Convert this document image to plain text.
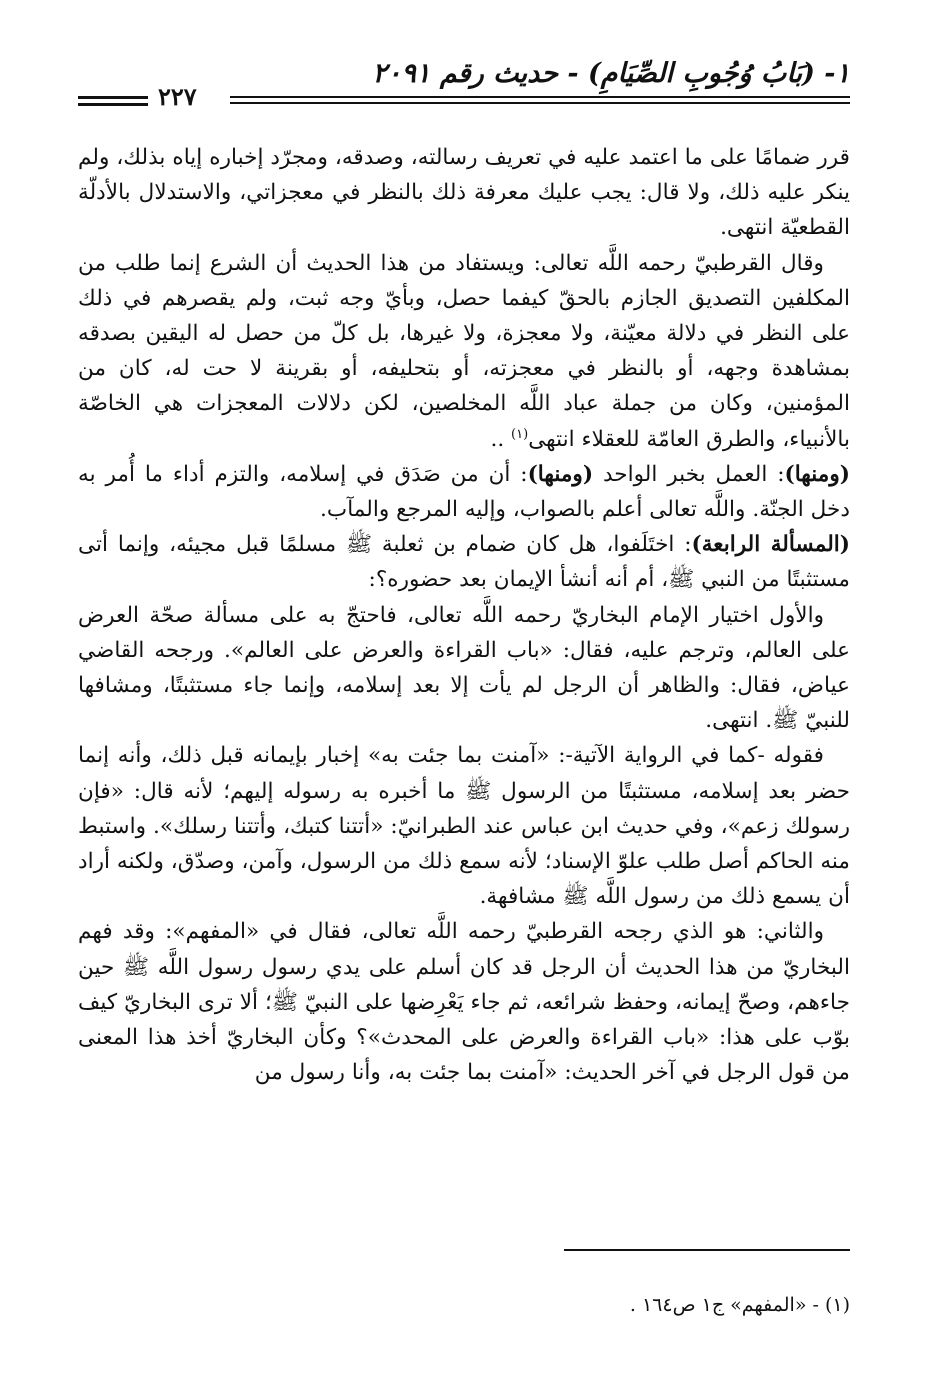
١- (بَابُ وُجُوبِ الصِّيَامِ) - حديث رقم ٢٠٩١
٢٢٧

قرر ضمامًا على ما اعتمد عليه في تعريف رسالته، وصدقه، ومجرّد إخباره إياه بذلك، ولم ينكر عليه ذلك، ولا قال: يجب عليك معرفة ذلك بالنظر في معجزاتي، والاستدلال بالأدلّة القطعيّة انتهى.

وقال القرطبيّ رحمه اللَّه تعالى: ويستفاد من هذا الحديث أن الشرع إنما طلب من المكلفين التصديق الجازم بالحقّ كيفما حصل، وبأيّ وجه ثبت، ولم يقصرهم في ذلك على النظر في دلالة معيّنة، ولا معجزة، ولا غيرها، بل كلّ من حصل له اليقين بصدقه بمشاهدة وجهه، أو بالنظر في معجزته، أو بتحليفه، أو بقرينة لا حت له، كان من المؤمنين، وكان من جملة عباد اللَّه المخلصين، لكن دلالات المعجزات هي الخاصّة بالأنبياء، والطرق العامّة للعقلاء انتهى$^{(١)}$ ..

(ومنها): العمل بخبر الواحد (ومنها): أن من صَدَق في إسلامه، والتزم أداء ما أُمر به دخل الجنّة. واللَّه تعالى أعلم بالصواب، وإليه المرجع والمآب.

(المسألة الرابعة): اختَلَفوا، هل كان ضمام بن ثعلبة ﷺ مسلمًا قبل مجيئه، وإنما أتى مستثبتًا من النبي ﷺ، أم أنه أنشأ الإيمان بعد حضوره؟:

والأول اختيار الإمام البخاريّ رحمه اللَّه تعالى، فاحتجّ به على مسألة صحّة العرض على العالم، وترجم عليه، فقال: «باب القراءة والعرض على العالم». ورجحه القاضي عياض، فقال: والظاهر أن الرجل لم يأت إلا بعد إسلامه، وإنما جاء مستثبتًا، ومشافها للنبيّ ﷺ. انتهى.

فقوله -كما في الرواية الآتية-: «آمنت بما جئت به» إخبار بإيمانه قبل ذلك، وأنه إنما حضر بعد إسلامه، مستثبتًا من الرسول ﷺ ما أخبره به رسوله إليهم؛ لأنه قال: «فإن رسولك زعم»، وفي حديث ابن عباس عند الطبرانيّ: «أتتنا كتبك، وأتتنا رسلك». واستبط منه الحاكم أصل طلب علوّ الإسناد؛ لأنه سمع ذلك من الرسول، وآمن، وصدّق، ولكنه أراد أن يسمع ذلك من رسول اللَّه ﷺ مشافهة.

والثاني: هو الذي رجحه القرطبيّ رحمه اللَّه تعالى، فقال في «المفهم»: وقد فهم البخاريّ من هذا الحديث أن الرجل قد كان أسلم على يدي رسول رسول اللَّه ﷺ حين جاءهم، وصحّ إيمانه، وحفظ شرائعه، ثم جاء يَعْرِضها على النبيّ ﷺ؛ ألا ترى البخاريّ كيف بوّب على هذا: «باب القراءة والعرض على المحدث»؟ وكأن البخاريّ أخذ هذا المعنى من قول الرجل في آخر الحديث: «آمنت بما جئت به، وأنا رسول من

(١) - «المفهم» ج١ ص١٦٤ .
